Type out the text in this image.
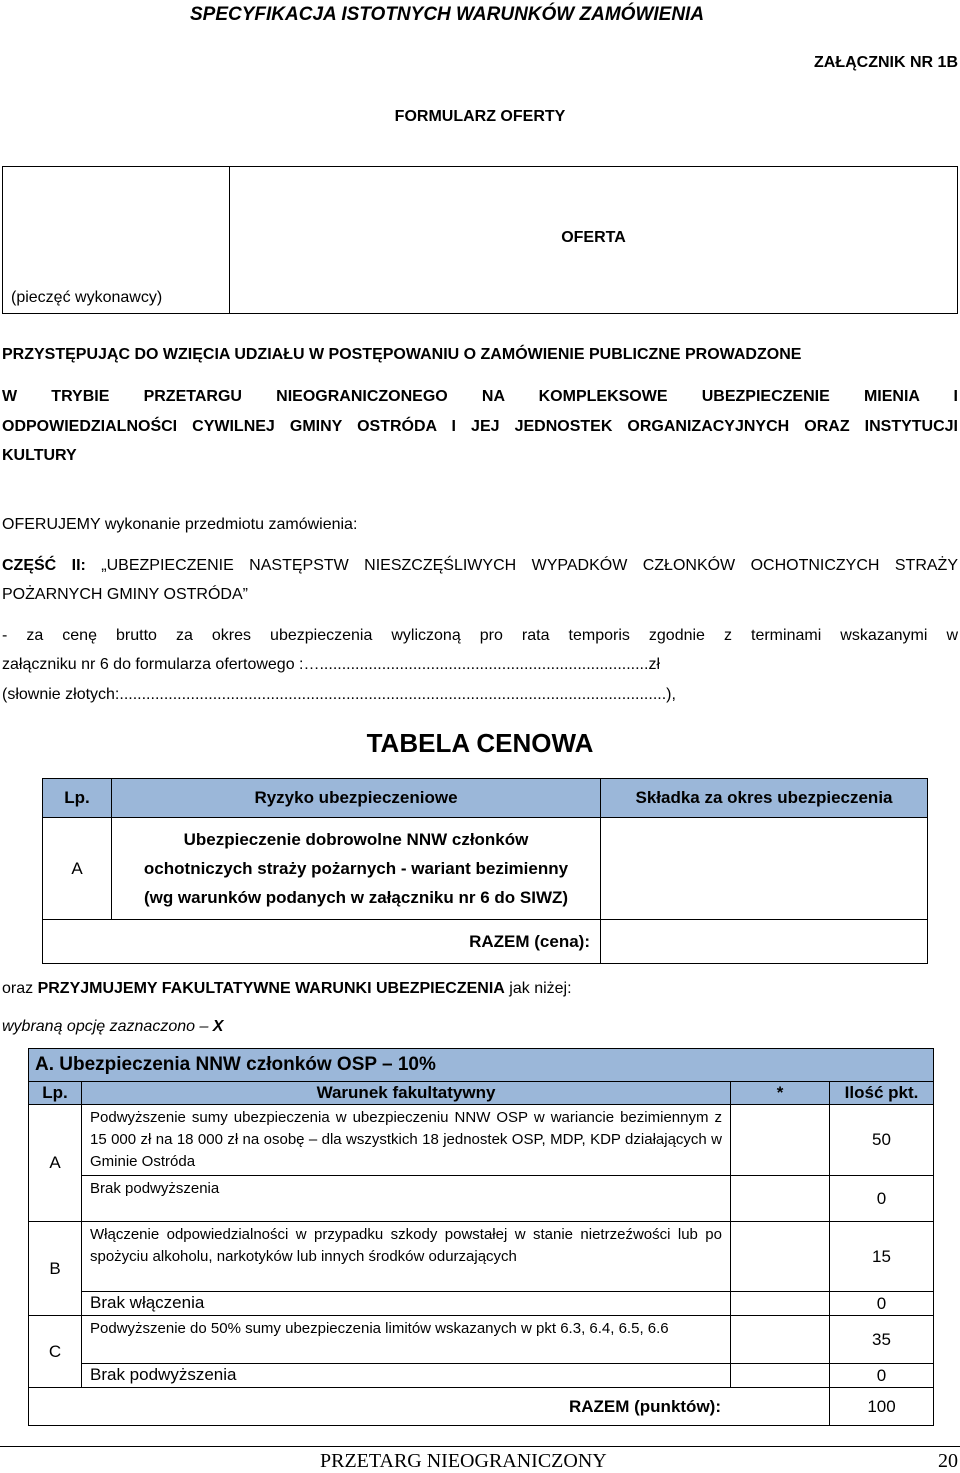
SPECYFIKACJA ISTOTNYCH WARUNKÓW ZAMÓWIENIA
ZAŁĄCZNIK NR 1B
FORMULARZ OFERTY
(pieczęć wykonawcy)
OFERTA
PRZYSTĘPUJĄC DO WZIĘCIA UDZIAŁU W POSTĘPOWANIU O ZAMÓWIENIE PUBLICZNE PROWADZONE
W TRYBIE PRZETARGU NIEOGRANICZONEGO NA KOMPLEKSOWE UBEZPIECZENIE MIENIA I
ODPOWIEDZIALNOŚCI CYWILNEJ GMINY OSTRÓDA I JEJ JEDNOSTEK ORGANIZACYJNYCH ORAZ INSTYTUCJI
KULTURY
OFERUJEMY wykonanie przedmiotu zamówienia:
CZĘŚĆ II: „UBEZPIECZENIE NASTĘPSTW NIESZCZĘŚLIWYCH WYPADKÓW CZŁONKÓW OCHOTNICZYCH STRAŻY
POŻARNYCH GMINY OSTRÓDA”
- za cenę brutto za okres ubezpieczenia wyliczoną pro rata temporis zgodnie z terminami wskazanymi w
załączniku nr 6 do formularza ofertowego :…..........................................................................zł
(słownie złotych:...........................................................................................................................),
TABELA CENOWA
Lp.	Ryzyko ubezpieczeniowe	Składka za okres ubezpieczenia
A	Ubezpieczenie dobrowolne NNW członków
ochotniczych straży pożarnych - wariant bezimienny
(wg warunków podanych w załączniku nr 6 do SIWZ)	

RAZEM (cena):		
oraz PRZYJMUJEMY FAKULTATYWNE WARUNKI UBEZPIECZENIA jak niżej:
wybraną opcję zaznaczono – X
A. Ubezpieczenia NNW członków OSP – 10%			
Lp.	Warunek fakultatywny	*	Ilość pkt.
A	Podwyższenie sumy ubezpieczenia w ubezpieczeniu NNW OSP w wariancie bezimiennym z 15 000 zł na 18 000 zł na osobę – dla wszystkich 18 jednostek OSP, MDP, KDP działających w Gminie Ostróda		50
	Brak podwyższenia		0
B	Włączenie odpowiedzialności w przypadku szkody powstałej w stanie nietrzeźwości lub po spożyciu alkoholu, narkotyków lub innych środków odurzających		15
	Brak włączenia		0
C	Podwyższenie do 50% sumy ubezpieczenia limitów wskazanych w pkt 6.3, 6.4, 6.5, 6.6		35
	Brak podwyższenia		0
RAZEM (punktów):			100
PRZETARG NIEOGRANICZONY	20
